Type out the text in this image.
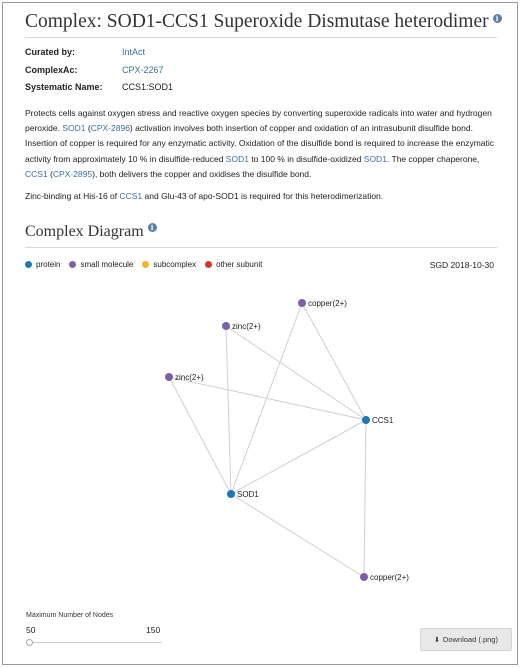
Complex: SOD1-CCS1 Superoxide Dismutase heterodimer i
Curated by:	IntAct
ComplexAc:	CPX-2267
Systematic Name: CCS1:SOD1
Protects cells against oxygen stress and reactive oxygen species by converting superoxide radicals into water and hydrogen peroxide. SOD1 (CPX-2896) activation involves both insertion of copper and oxidation of an intrasubunit disulfide bond. Insertion of copper is required for any enzymatic activity. Oxidation of the disulfide bond is required to increase the enzymatic activity from approximately 10 % in disulfide-reduced SOD1 to 100 % in disulfide-oxidized SOD1. The copper chaperone, CCS1 (CPX-2895), both delivers the copper and oxidises the disulfide bond.
Zinc-binding at His-16 of CCS1 and Glu-43 of apo-SOD1 is required for this heterodimerization.
Complex Diagram i
protein	small molecule	subcomplex	other subunit	SGD 2018-10-30
copper(2+)
zinc(2+)
zinc(2+)
CCS1
SOD1
copper(2+)
Maximum Number of Nodes
50	150
⬇ Download (.png)
